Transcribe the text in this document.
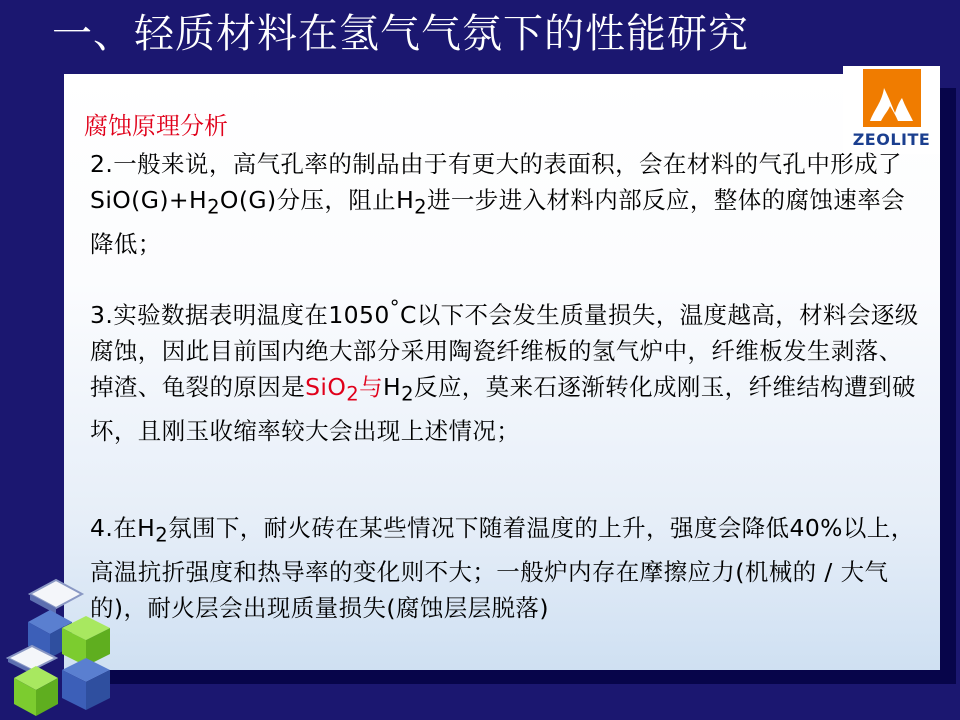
一、轻质材料在氢气气氛下的性能研究
ZEOLITE
腐蚀原理分析

2.一般来说，高气孔率的制品由于有更大的表面积，会在材料的气孔中形成了$SiO(G)+H_2O(G)$分压，阻止$H_2$进一步进入材料内部反应，整体的腐蚀速率会降低；

3.实验数据表明温度在1050°C以下不会发生质量损失，温度越高，材料会逐级腐蚀，因此目前国内绝大部分采用陶瓷纤维板的氢气炉中，纤维板发生剥落、掉渣、龟裂的原因是SiO$_2$与$H_2$反应，莫来石逐渐转化成刚玉，纤维结构遭到破坏，且刚玉收缩率较大会出现上述情况；

4.在$H_2$氛围下，耐火砖在某些情况下随着温度的上升，强度会降低40%以上，高温抗折强度和热导率的变化则不大；一般炉内存在摩擦应力(机械的 / 大气的)，耐火层会出现质量损失(腐蚀层层脱落)
